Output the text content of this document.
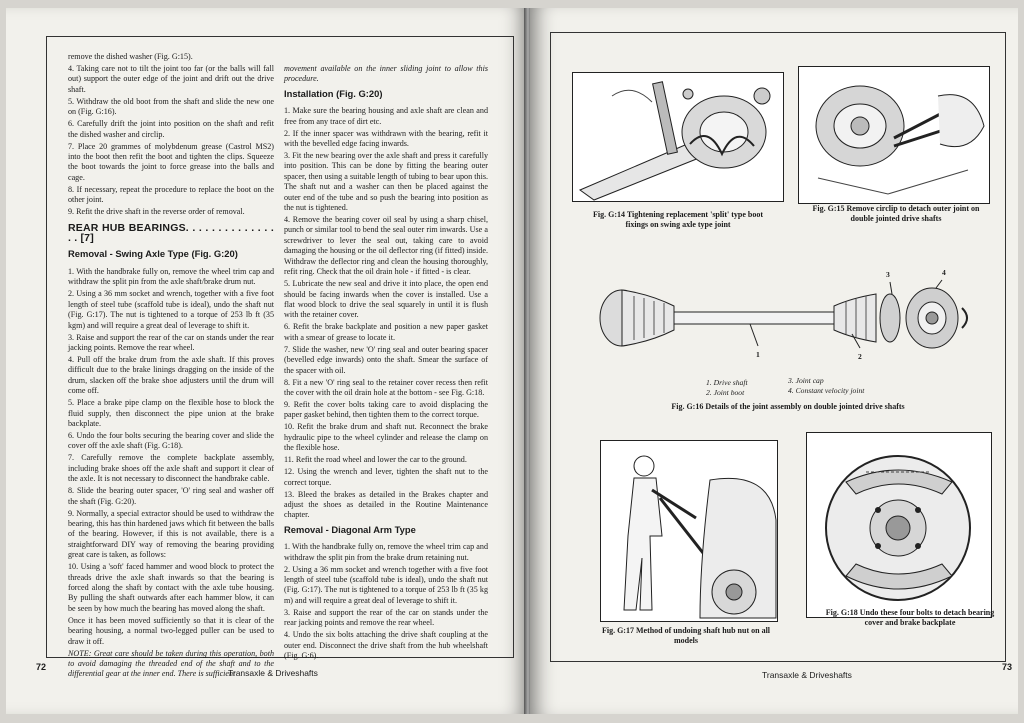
remove the dished washer (Fig. G:15).

4. Taking care not to tilt the joint too far (or the balls will fall out) support the outer edge of the joint and drift out the drive shaft.

5. Withdraw the old boot from the shaft and slide the new one on (Fig. G:16).

6. Carefully drift the joint into position on the shaft and refit the dished washer and circlip.

7. Place 20 grammes of molybdenum grease (Castrol MS2) into the boot then refit the boot and tighten the clips. Squeeze the boot towards the joint to force grease into the balls and cage.

8. If necessary, repeat the procedure to replace the boot on the other joint.

9. Refit the drive shaft in the reverse order of removal.

REAR HUB BEARINGS. . . . . . . . . . . . . . . . [7]
Removal - Swing Axle Type (Fig. G:20)

1. With the handbrake fully on, remove the wheel trim cap and withdraw the split pin from the axle shaft/brake drum nut.

2. Using a 36 mm socket and wrench, together with a five foot length of steel tube (scaffold tube is ideal), undo the shaft nut (Fig. G:17). The nut is tightened to a torque of 253 lb ft (35 kgm) and will require a great deal of leverage to shift it.

3. Raise and support the rear of the car on stands under the rear jacking points. Remove the rear wheel.

4. Pull off the brake drum from the axle shaft. If this proves difficult due to the brake linings dragging on the inside of the drum, slacken off the brake shoe adjusters until the drum will come off.

5. Place a brake pipe clamp on the flexible hose to block the fluid supply, then disconnect the pipe union at the brake backplate.

6. Undo the four bolts securing the bearing cover and slide the cover off the axle shaft (Fig. G:18).

7. Carefully remove the complete backplate assembly, including brake shoes off the axle shaft and support it clear of the axle. It is not necessary to disconnect the handbrake cable.

8. Slide the bearing outer spacer, 'O' ring seal and washer off the shaft (Fig. G:20).

9. Normally, a special extractor should be used to withdraw the bearing, this has thin hardened jaws which fit between the balls of the bearing. However, if this is not available, there is a straightforward DIY way of removing the bearing providing great care is taken, as follows:

10. Using a 'soft' faced hammer and wood block to protect the threads drive the axle shaft inwards so that the bearing is forced along the shaft by contact with the axle tube housing. By pulling the shaft outwards after each hammer blow, it can be seen by how much the bearing has moved along the shaft.

Once it has been moved sufficiently so that it is clear of the bearing housing, a normal two-legged puller can be used to draw it off.

NOTE: Great care should be taken during this operation, both to avoid damaging the threaded end of the shaft and to the differential gear at the inner end. There is sufficient

movement available on the inner sliding joint to allow this procedure.

Installation (Fig. G:20)

1. Make sure the bearing housing and axle shaft are clean and free from any trace of dirt etc.

2. If the inner spacer was withdrawn with the bearing, refit it with the bevelled edge facing inwards.

3. Fit the new bearing over the axle shaft and press it carefully into position. This can be done by fitting the bearing outer spacer, then using a suitable length of tubing to bear upon this. The shaft nut and a washer can then be placed against the outer end of the tube and so push the bearing into position as the nut is tightened.

4. Remove the bearing cover oil seal by using a sharp chisel, punch or similar tool to bend the seal outer rim inwards. Use a screwdriver to lever the seal out, taking care to avoid damaging the housing or the oil deflector ring (if fitted) inside. Withdraw the deflector ring and clean the housing thoroughly, refit ring. Check that the oil drain hole - if fitted - is clear.

5. Lubricate the new seal and drive it into place, the open end should be facing inwards when the cover is installed. Use a flat wood block to drive the seal squarely in until it is flush with the retainer cover.

6. Refit the brake backplate and position a new paper gasket with a smear of grease to locate it.

7. Slide the washer, new 'O' ring seal and outer bearing spacer (bevelled edge inwards) onto the shaft. Smear the surface of the spacer with oil.

8. Fit a new 'O' ring seal to the retainer cover recess then refit the cover with the oil drain hole at the bottom - see Fig. G:18.

9. Refit the cover bolts taking care to avoid displacing the paper gasket behind, then tighten them to the correct torque.

10. Refit the brake drum and shaft nut. Reconnect the brake hydraulic pipe to the wheel cylinder and release the clamp on the flexible hose.

11. Refit the road wheel and lower the car to the ground.

12. Using the wrench and lever, tighten the shaft nut to the correct torque.

13. Bleed the brakes as detailed in the Brakes chapter and adjust the shoes as detailed in the Routine Maintenance chapter.

Removal - Diagonal Arm Type

1. With the handbrake fully on, remove the wheel trim cap and withdraw the split pin from the brake drum retaining nut.

2. Using a 36 mm socket and wrench together with a five foot length of steel tube (scaffold tube is ideal), undo the shaft nut (Fig. G:17). The nut is tightened to a torque of 253 lb ft (35 kg m) and will require a great deal of leverage to shift it.

3. Raise and support the rear of the car on stands under the rear jacking points and remove the rear wheel.

4. Undo the six bolts attaching the drive shaft coupling at the outer end. Disconnect the drive shaft from the hub wheelshaft (Fig. G:6).

72
Transaxle & Driveshafts
Fig. G:14 Tightening replacement 'split' type boot fixings on swing axle type joint
Fig. G:15 Remove circlip to detach outer joint on double jointed drive shafts
1	2
3	4
1. Drive shaft
2. Joint boot
3. Joint cap
4. Constant velocity joint
Fig. G:16 Details of the joint assembly on double jointed drive shafts
Fig. G:17 Method of undoing shaft hub nut on all models
Fig. G:18 Undo these four bolts to detach bearing cover and brake backplate
Transaxle & Driveshafts
73
